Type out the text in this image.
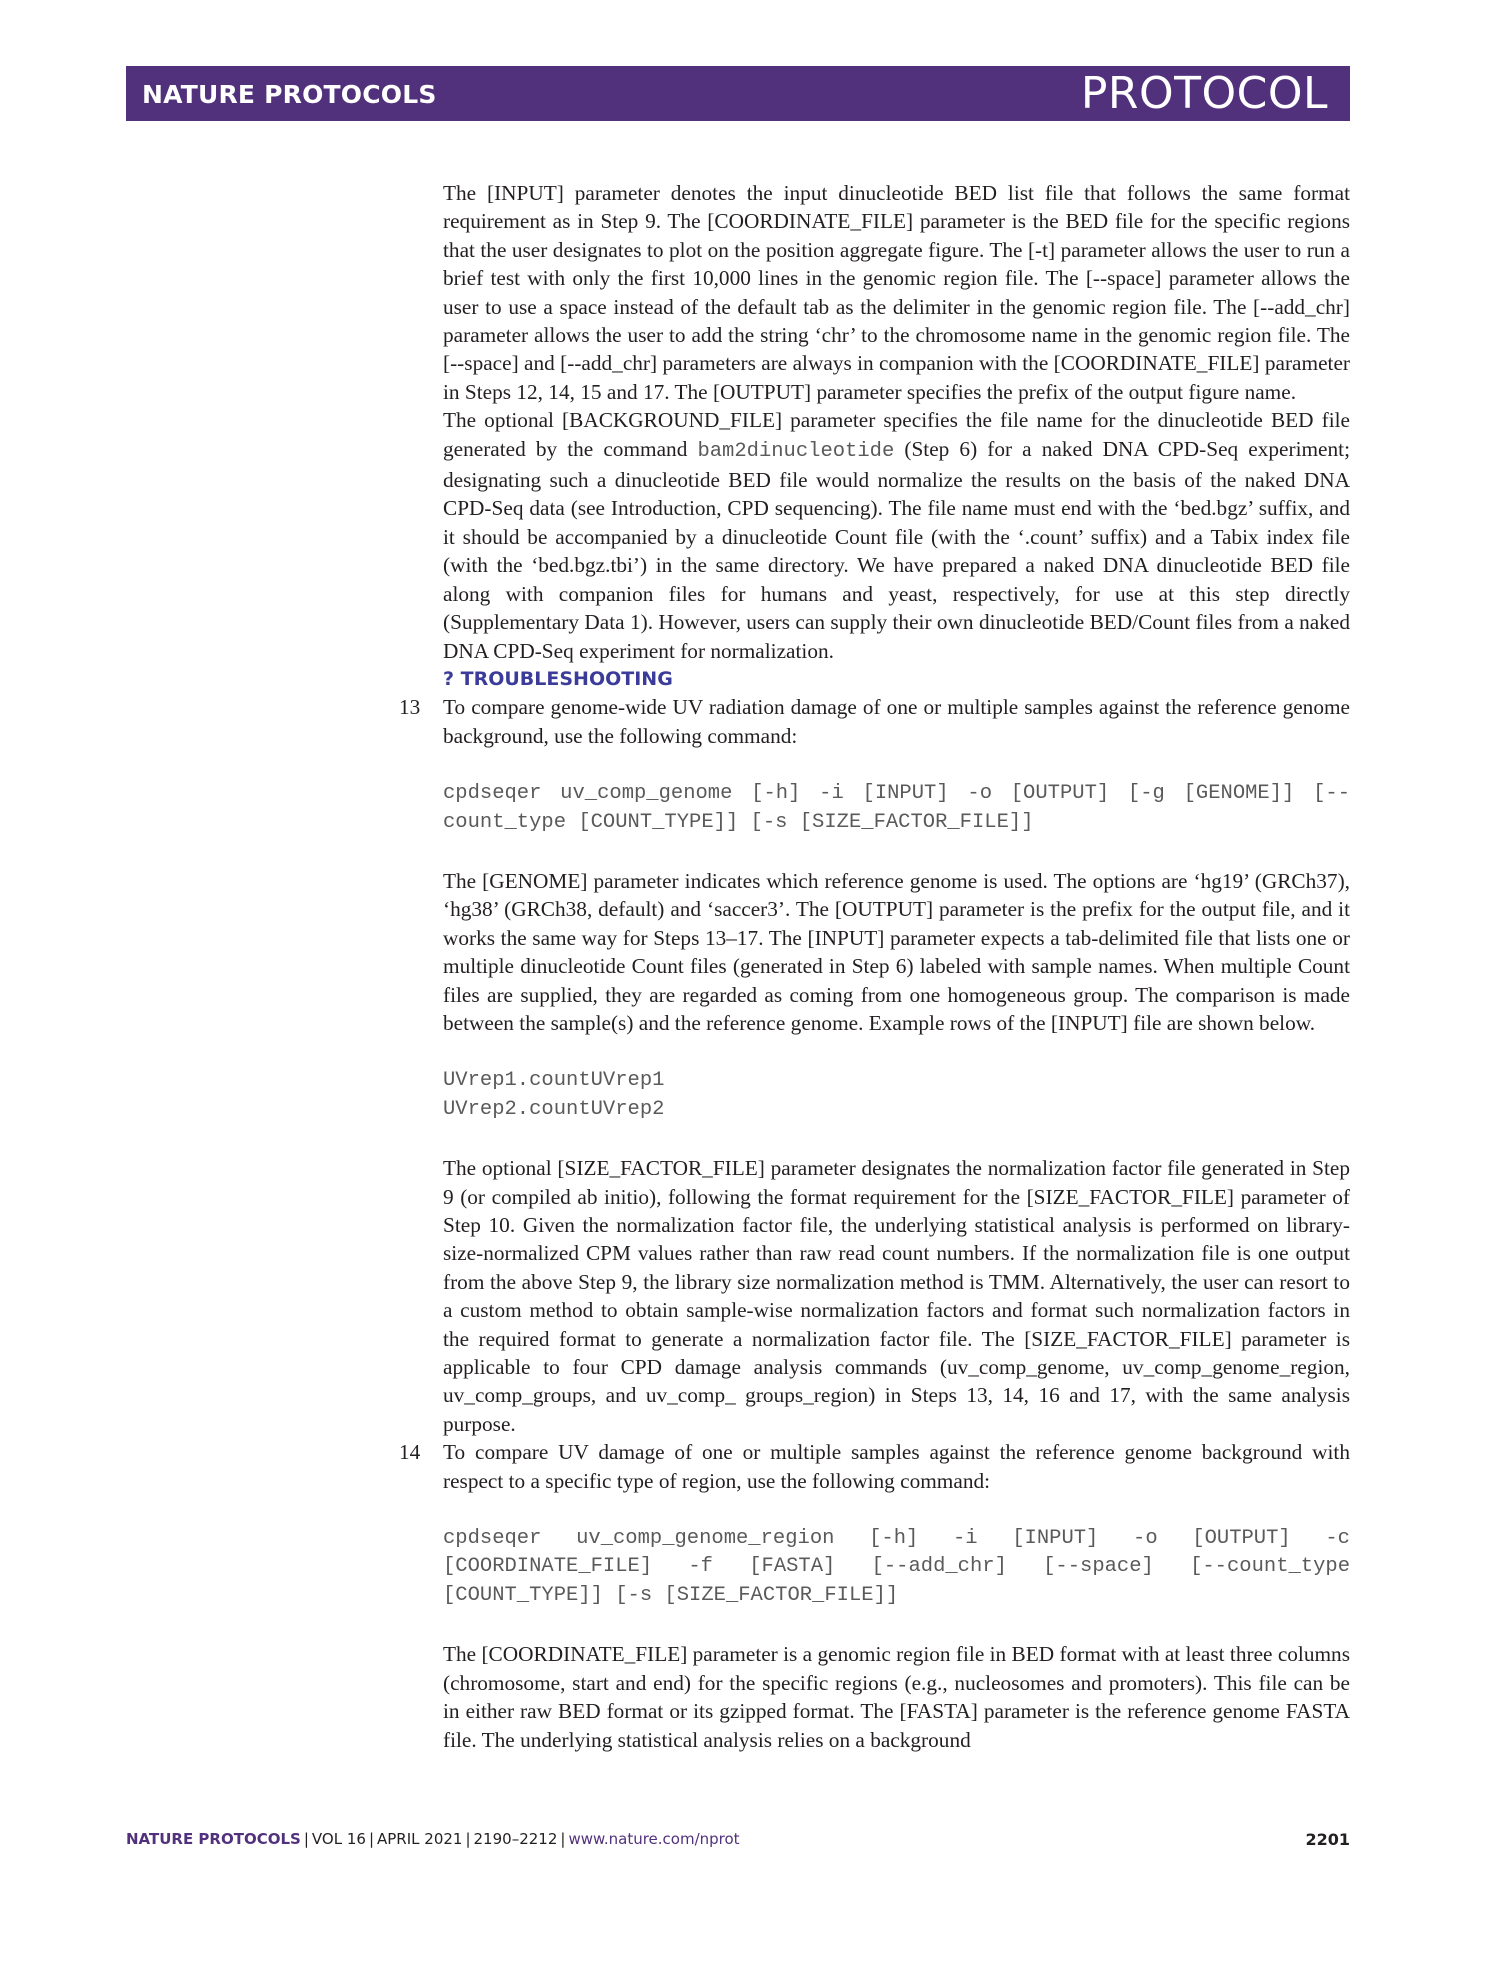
NATURE PROTOCOLS	PROTOCOL

The [INPUT] parameter denotes the input dinucleotide BED list file that follows the same format requirement as in Step 9. The [COORDINATE_FILE] parameter is the BED file for the specific regions that the user designates to plot on the position aggregate figure. The [-t] parameter allows the user to run a brief test with only the first 10,000 lines in the genomic region file. The [--space] parameter allows the user to use a space instead of the default tab as the delimiter in the genomic region file. The [--add_chr] parameter allows the user to add the string ‘chr’ to the chromosome name in the genomic region file. The [--space] and [--add_chr] parameters are always in companion with the [COORDINATE_FILE] parameter in Steps 12, 14, 15 and 17. The [OUTPUT] parameter specifies the prefix of the output figure name.

The optional [BACKGROUND_FILE] parameter specifies the file name for the dinucleotide BED file generated by the command bam2dinucleotide (Step 6) for a naked DNA CPD-Seq experiment; designating such a dinucleotide BED file would normalize the results on the basis of the naked DNA CPD-Seq data (see Introduction, CPD sequencing). The file name must end with the ‘bed.bgz’ suffix, and it should be accompanied by a dinucleotide Count file (with the ‘.count’ suffix) and a Tabix index file (with the ‘bed.bgz.tbi’) in the same directory. We have prepared a naked DNA dinucleotide BED file along with companion files for humans and yeast, respectively, for use at this step directly (Supplementary Data 1). However, users can supply their own dinucleotide BED/Count files from a naked DNA CPD-Seq experiment for normalization.

? TROUBLESHOOTING

13 To compare genome-wide UV radiation damage of one or multiple samples against the reference genome background, use the following command:

cpdseqer uv_comp_genome [-h] -i [INPUT] -o [OUTPUT] [-g [GENOME]] [--count_type [COUNT_TYPE]] [-s [SIZE_FACTOR_FILE]]

The [GENOME] parameter indicates which reference genome is used. The options are ‘hg19’ (GRCh37), ‘hg38’ (GRCh38, default) and ‘saccer3’. The [OUTPUT] parameter is the prefix for the output file, and it works the same way for Steps 13–17. The [INPUT] parameter expects a tab-delimited file that lists one or multiple dinucleotide Count files (generated in Step 6) labeled with sample names. When multiple Count files are supplied, they are regarded as coming from one homogeneous group. The comparison is made between the sample(s) and the reference genome. Example rows of the [INPUT] file are shown below.

UVrep1.countUVrep1

UVrep2.countUVrep2

The optional [SIZE_FACTOR_FILE] parameter designates the normalization factor file generated in Step 9 (or compiled ab initio), following the format requirement for the [SIZE_FACTOR_FILE] parameter of Step 10. Given the normalization factor file, the underlying statistical analysis is performed on library-size-normalized CPM values rather than raw read count numbers. If the normalization file is one output from the above Step 9, the library size normalization method is TMM. Alternatively, the user can resort to a custom method to obtain sample-wise normalization factors and format such normalization factors in the required format to generate a normalization factor file. The [SIZE_FACTOR_FILE] parameter is applicable to four CPD damage analysis commands (uv_comp_genome, uv_comp_genome_region, uv_comp_groups, and uv_comp_ groups_region) in Steps 13, 14, 16 and 17, with the same analysis purpose.

14 To compare UV damage of one or multiple samples against the reference genome background with respect to a specific type of region, use the following command:

cpdseqer uv_comp_genome_region [-h] -i [INPUT] -o [OUTPUT] -c [COORDINATE_FILE] -f [FASTA] [--add_chr] [--space] [--count_type [COUNT_TYPE]] [-s [SIZE_FACTOR_FILE]]

The [COORDINATE_FILE] parameter is a genomic region file in BED format with at least three columns (chromosome, start and end) for the specific regions (e.g., nucleosomes and promoters). This file can be in either raw BED format or its gzipped format. The [FASTA] parameter is the reference genome FASTA file. The underlying statistical analysis relies on a background

NATURE PROTOCOLS | VOL 16 | APRIL 2021 | 2190–2212 | www.nature.com/nprot	2201
